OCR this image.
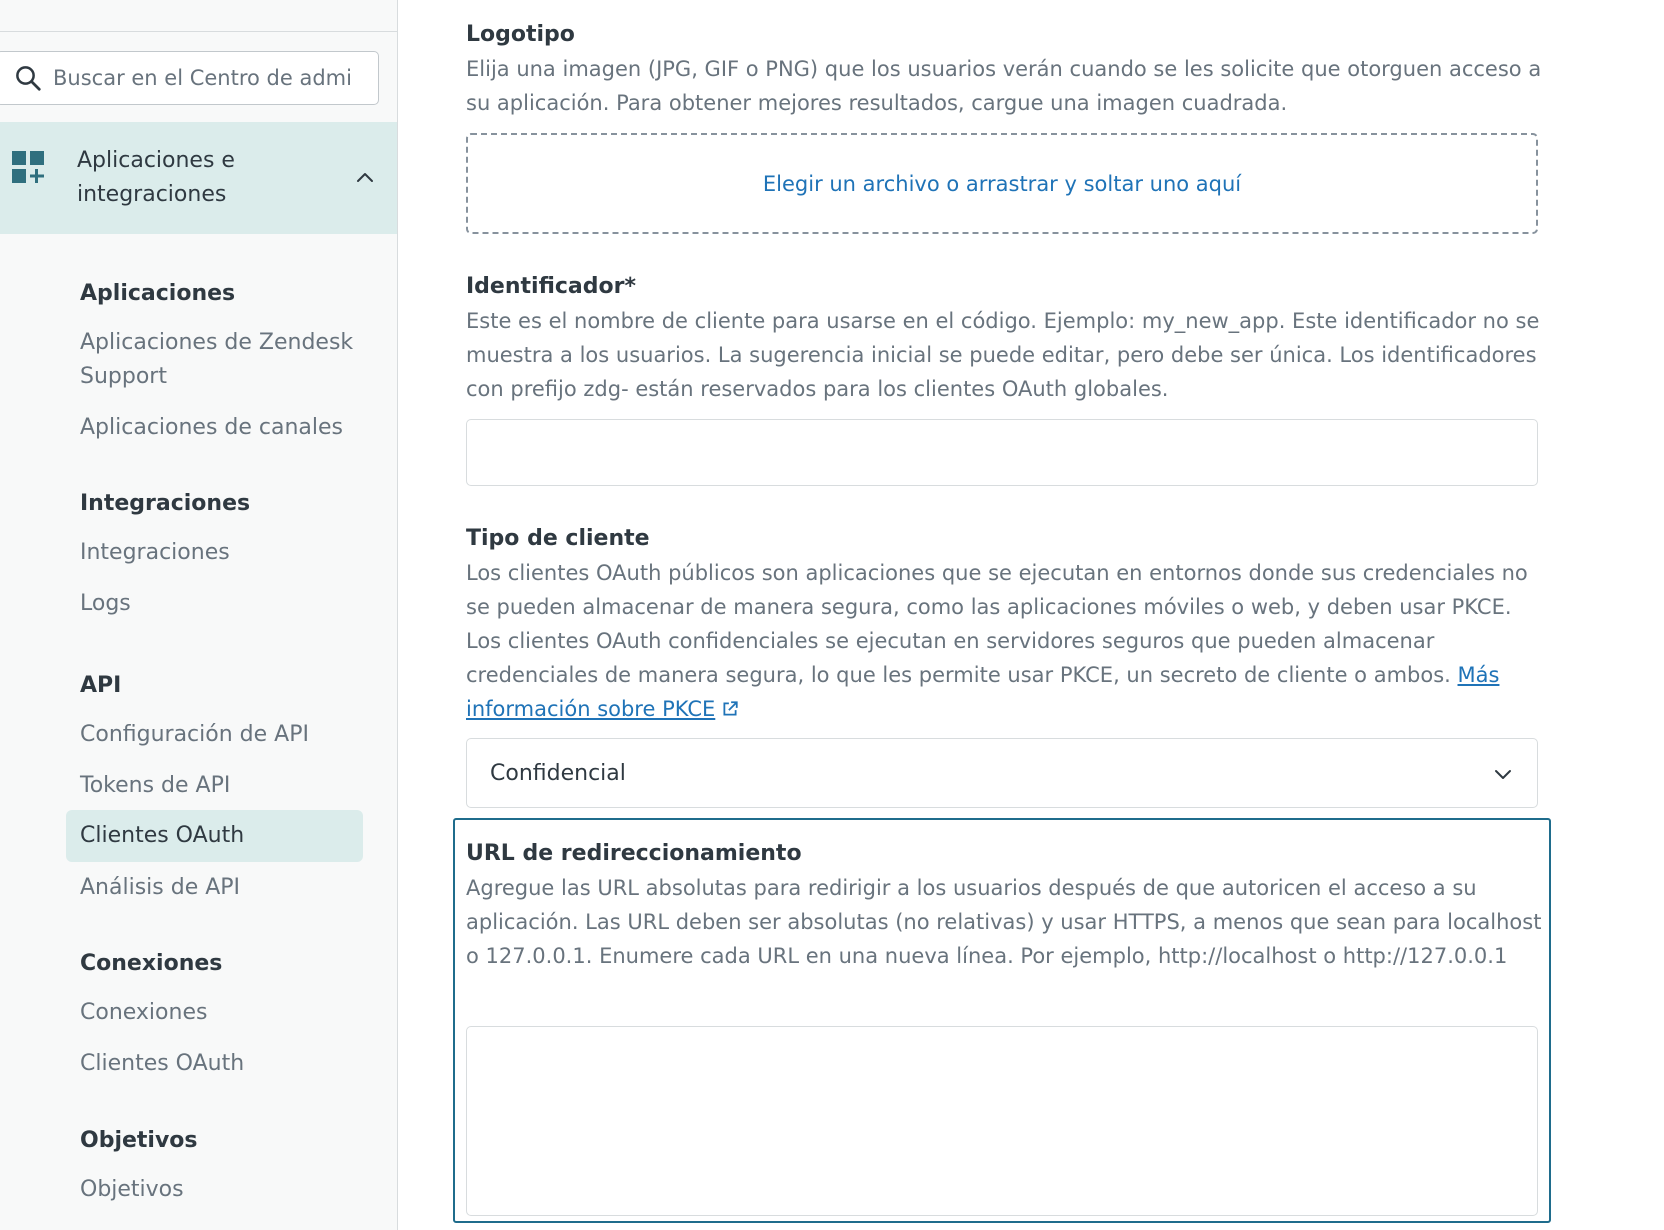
Buscar en el Centro de admi
Aplicaciones e integraciones
Aplicaciones
Aplicaciones de Zendesk Support
Aplicaciones de canales
Integraciones
Integraciones
Logs
API
Configuración de API
Tokens de API
Clientes OAuth
Análisis de API
Conexiones
Conexiones
Clientes OAuth
Objetivos
Objetivos
Logotipo
Elija una imagen (JPG, GIF o PNG) que los usuarios verán cuando se les solicite que otorguen acceso a su aplicación. Para obtener mejores resultados, cargue una imagen cuadrada.
Elegir un archivo o arrastrar y soltar uno aquí
Identificador*
Este es el nombre de cliente para usarse en el código. Ejemplo: my_new_app. Este identificador no se muestra a los usuarios. La sugerencia inicial se puede editar, pero debe ser única. Los identificadores con prefijo zdg- están reservados para los clientes OAuth globales.
Tipo de cliente
Los clientes OAuth públicos son aplicaciones que se ejecutan en entornos donde sus credenciales no se pueden almacenar de manera segura, como las aplicaciones móviles o web, y deben usar PKCE. Los clientes OAuth confidenciales se ejecutan en servidores seguros que pueden almacenar credenciales de manera segura, lo que les permite usar PKCE, un secreto de cliente o ambos. Más información sobre PKCE
Confidencial
URL de redireccionamiento
Agregue las URL absolutas para redirigir a los usuarios después de que autoricen el acceso a su aplicación. Las URL deben ser absolutas (no relativas) y usar HTTPS, a menos que sean para localhost o 127.0.0.1. Enumere cada URL en una nueva línea. Por ejemplo, http://localhost o http://127.0.0.1
